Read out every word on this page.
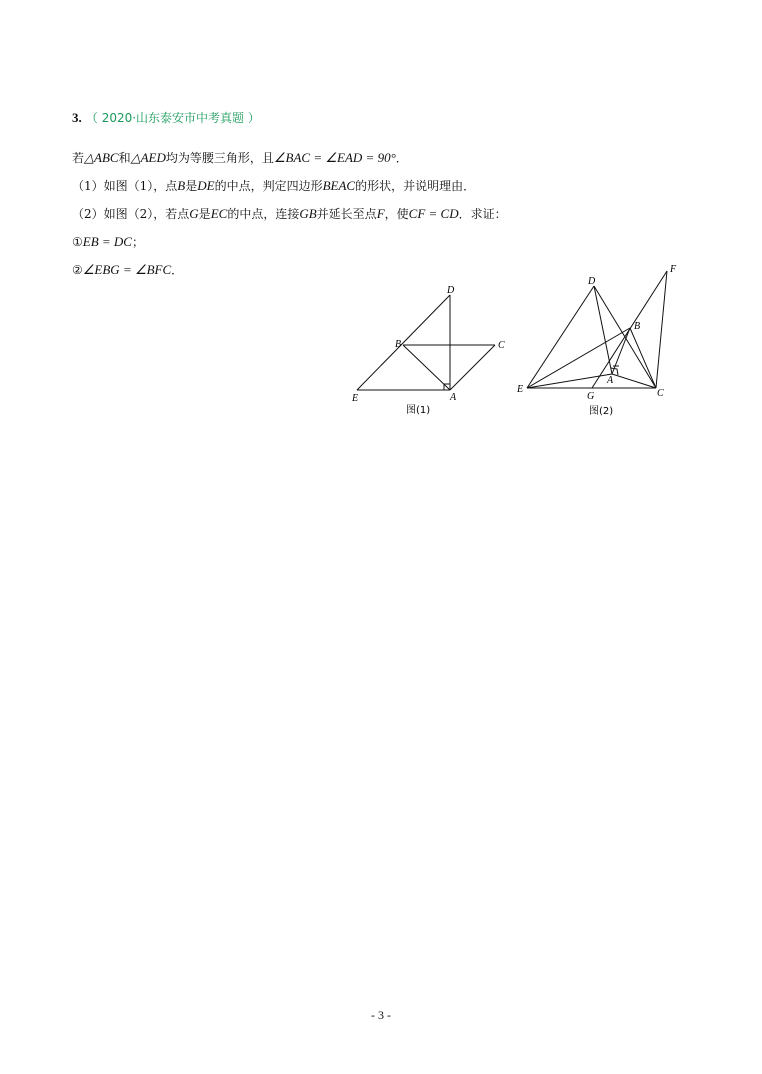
3. （ 2020·山东泰安市中考真题 ）
若△ABC和△AED均为等腰三角形，且∠BAC = ∠EAD = 90°．
（1）如图（1），点B是DE的中点，判定四边形BEAC的形状，并说明理由．
（2）如图（2），若点G是EC的中点，连接GB并延长至点F，使CF = CD．求证：
①EB = DC；
②∠EBG = ∠BFC．
D
B	C
E	A
图(1)
D
F
B
E
G
A
C
图(2)
- 3 -
